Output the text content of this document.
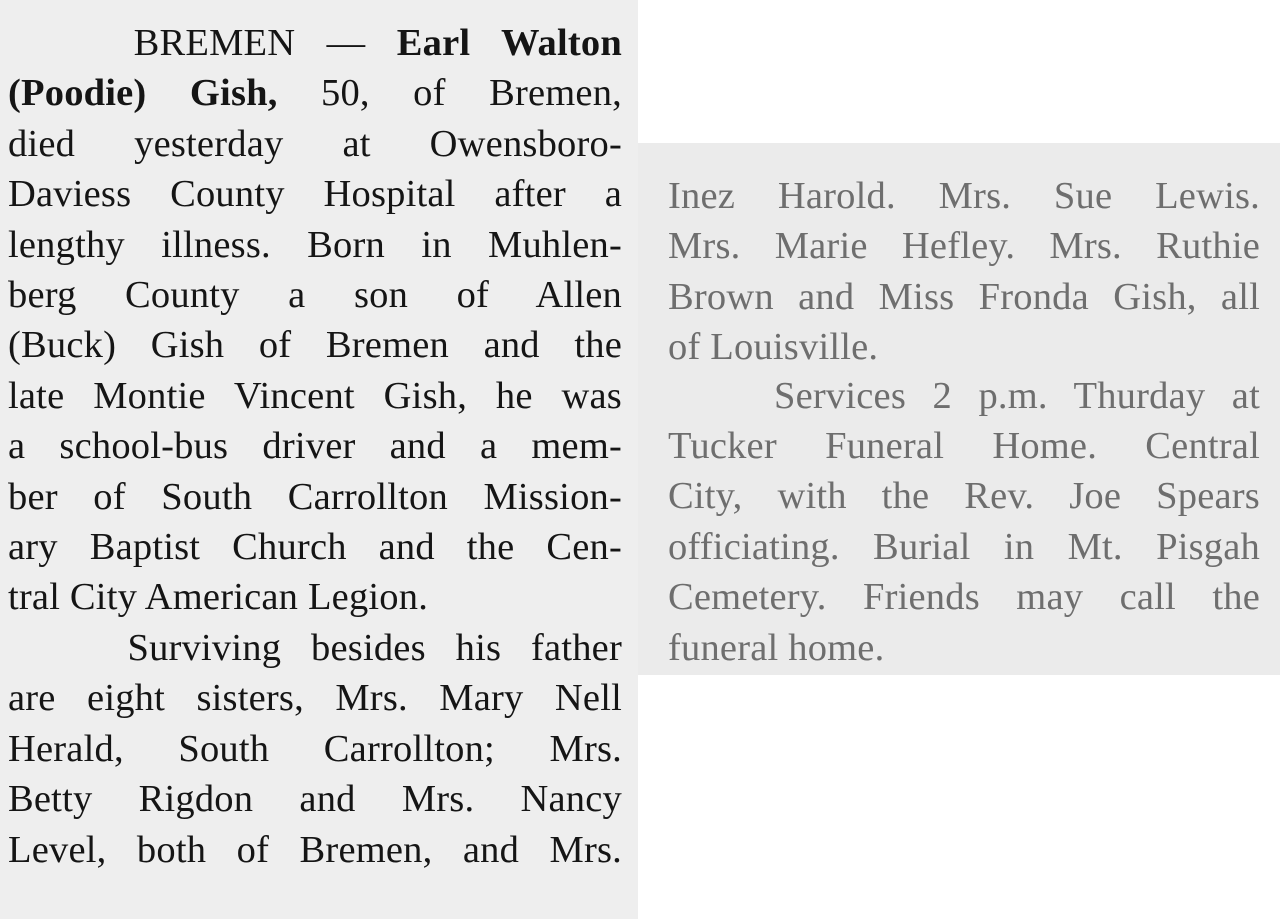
BREMEN — Earl Walton
(Poodie) Gish, 50, of Bremen,
died yesterday at Owensboro-
Daviess County Hospital after a
lengthy illness. Born in Muhlen-
berg County a son of Allen
(Buck) Gish of Bremen and the
late Montie Vincent Gish, he was
a school-bus driver and a mem-
ber of South Carrollton Mission-
ary Baptist Church and the Cen-
tral City American Legion.

Surviving besides his father
are eight sisters, Mrs. Mary Nell
Herald, South Carrollton; Mrs.
Betty Rigdon and Mrs. Nancy
Level, both of Bremen, and Mrs.

Inez Harold. Mrs. Sue Lewis.
Mrs. Marie Hefley. Mrs. Ruthie
Brown and Miss Fronda Gish, all
of Louisville.

Services 2 p.m. Thurday at
Tucker Funeral Home. Central
City, with the Rev. Joe Spears
officiating. Burial in Mt. Pisgah
Cemetery. Friends may call the
funeral home.
